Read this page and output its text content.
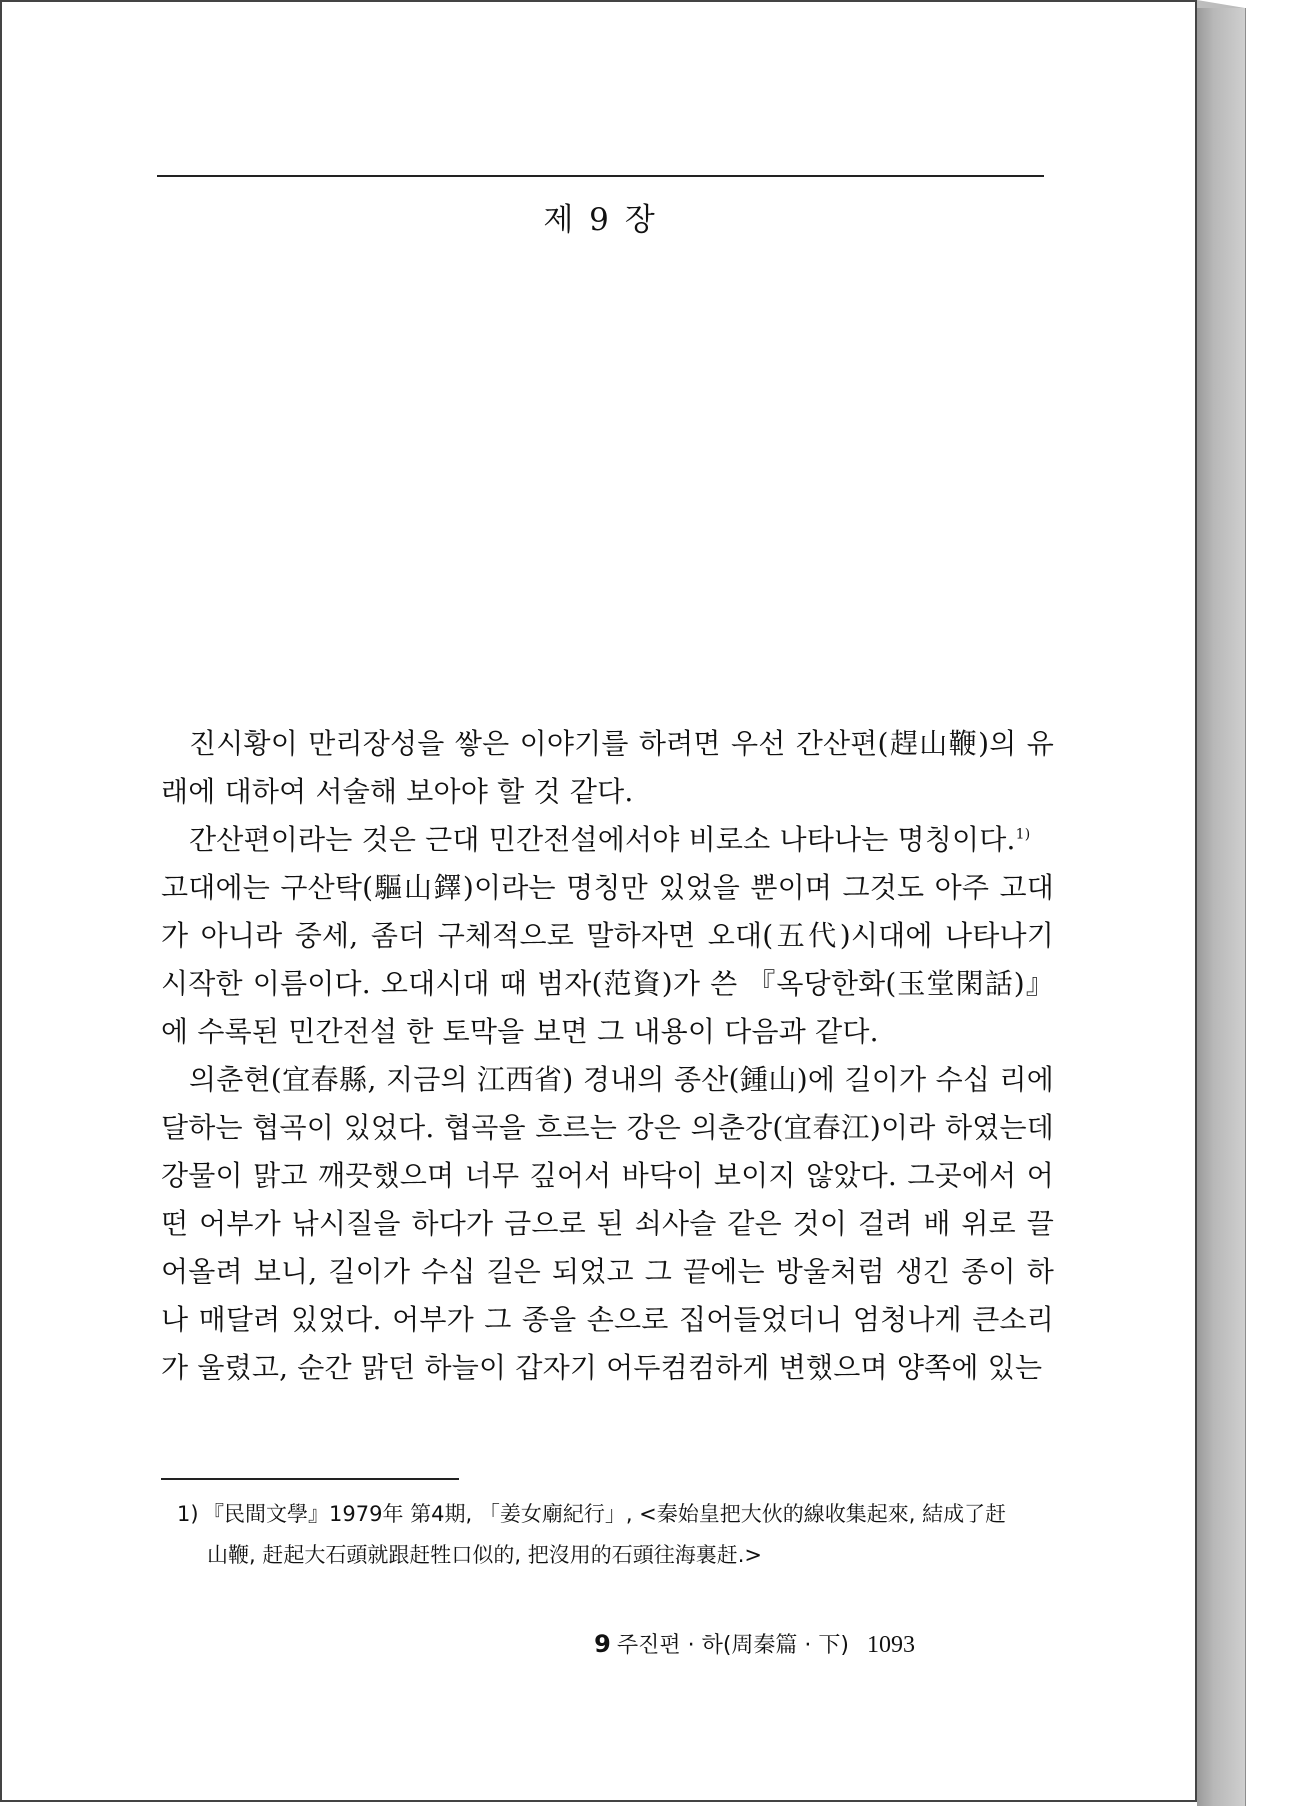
제 9 장

진시황이 만리장성을 쌓은 이야기를 하려면 우선 간산편(趕山鞭)의 유래에 대하여 서술해 보아야 할 것 같다.

간산편이라는 것은 근대 민간전설에서야 비로소 나타나는 명칭이다.$^{1)}$

고대에는 구산탁(驅山鐸)이라는 명칭만 있었을 뿐이며 그것도 아주 고대가 아니라 중세, 좀더 구체적으로 말하자면 오대(五代)시대에 나타나기 시작한 이름이다. 오대시대 때 범자(范資)가 쓴 『옥당한화(玉堂閑話)』에 수록된 민간전설 한 토막을 보면 그 내용이 다음과 같다.

의춘현(宜春縣, 지금의 江西省) 경내의 종산(鍾山)에 길이가 수십 리에 달하는 협곡이 있었다. 협곡을 흐르는 강은 의춘강(宜春江)이라 하였는데 강물이 맑고 깨끗했으며 너무 깊어서 바닥이 보이지 않았다. 그곳에서 어떤 어부가 낚시질을 하다가 금으로 된 쇠사슬 같은 것이 걸려 배 위로 끌어올려 보니, 길이가 수십 길은 되었고 그 끝에는 방울처럼 생긴 종이 하나 매달려 있었다. 어부가 그 종을 손으로 집어들었더니 엄청나게 큰소리가 울렸고, 순간 맑던 하늘이 갑자기 어두컴컴하게 변했으며 양쪽에 있는

1) 『民間文學』1979年 第4期, 「姜女廟紀行」, <秦始皇把大伙的線收集起來, 結成了赶
山鞭, 赶起大石頭就跟赶牲口似的, 把沒用的石頭往海裏赶.>
9 주진편 · 하(周秦篇 · 下) 1093
